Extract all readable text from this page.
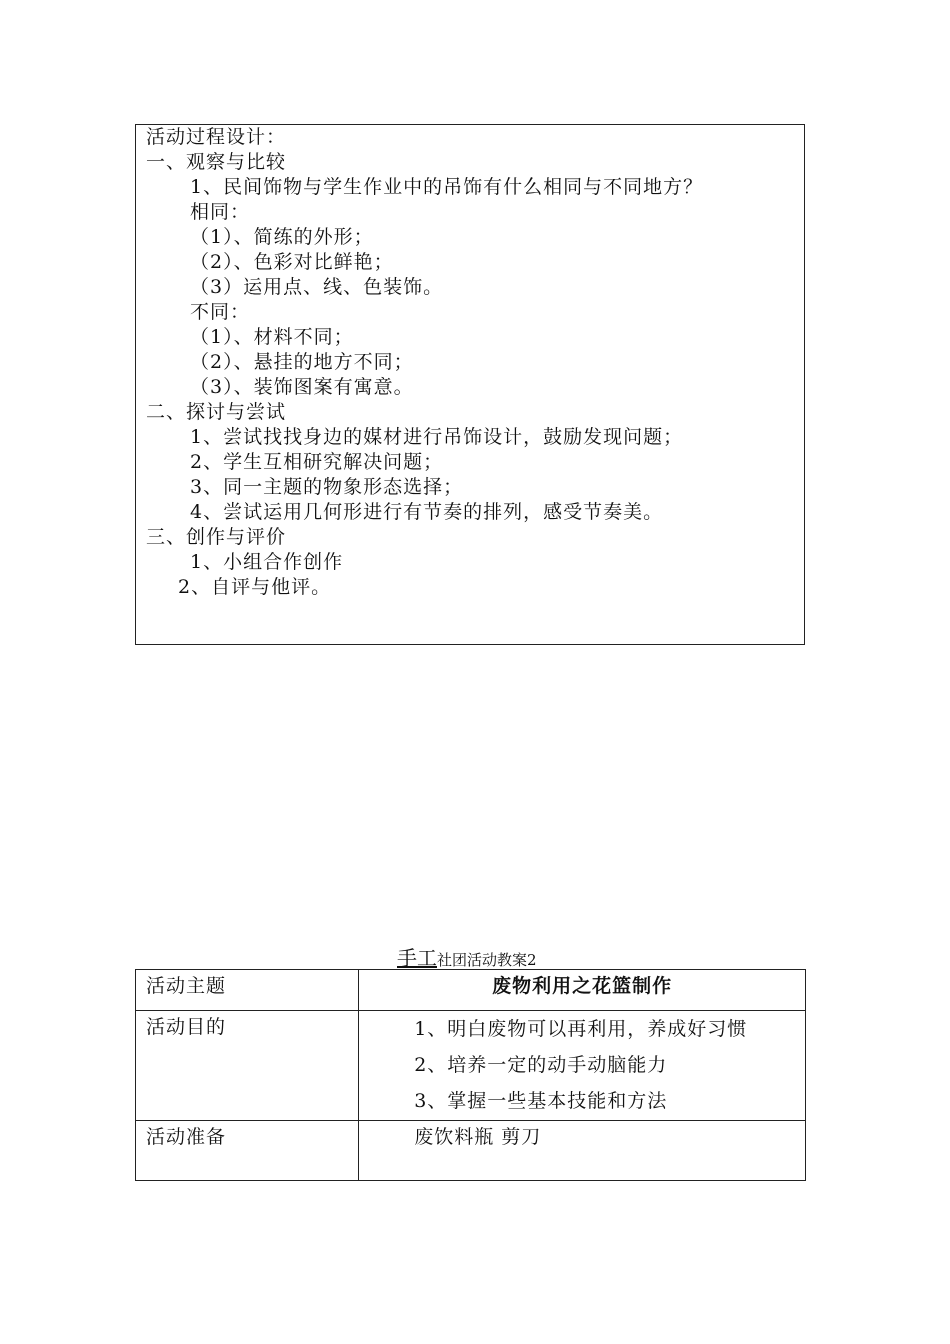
活动过程设计：
一、观察与比较
1、民间饰物与学生作业中的吊饰有什么相同与不同地方？
相同：
（1）、简练的外形；
（2）、色彩对比鲜艳；
（3）运用点、线、色装饰。
不同：
（1）、材料不同；
（2）、悬挂的地方不同；
（3）、装饰图案有寓意。
二、探讨与尝试
1、尝试找找身边的媒材进行吊饰设计，鼓励发现问题；
2、学生互相研究解决问题；
3、同一主题的物象形态选择；
4、尝试运用几何形进行有节奏的排列，感受节奏美。
三、创作与评价
1、小组合作创作
2、自评与他评。
手工社团活动教案2
活动主题	废物利用之花篮制作

活动目的	1、明白废物可以再利用，养成好习惯
2、培养一定的动手动脑能力
3、掌握一些基本技能和方法

活动准备	废饮料瓶 剪刀
